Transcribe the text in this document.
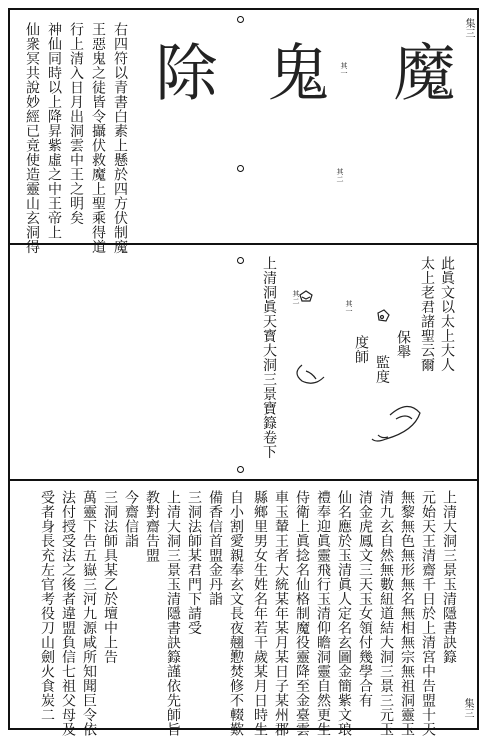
集三
集三
魔
鬼
除	其一
其二
右四符以青書白素上懸於四方伏制魔
王惡鬼之徒皆令攝伏救魔上聖乘得道
行上清入日月出洞雲中王之明矣
神仙同時以上降昇紫虛之中王帝上
仙衆冥共說妙經已竟使造靈山玄洞得
此眞文以太上大人
太上老君諸聖云爾
保舉
監度
度師
上清洞眞天寳大洞三景寶籙卷下	其一
其二
上清大洞三景玉清隱書訣籙
元始天王清齋千日於上清宮中告盟十天
無黎無色無形無名無相無宗無祖洞靈玉
清九玄自然無數紐道結大洞三景三元玉
清金虎鳳文三天玉女領付幾學合有
仙名應於玉清眞人定名玄圖金簡紫文琅
禮奉迎眞靈飛行玉清仰瞻洞靈自然更生
侍衛上眞捻名仙格制魔役靈降至金臺雲
車玉輦王者大統某年某月某日子某州郡
縣鄉里男女生姓名年若干歲某月日時生
自小割愛親奉玄文長夜翹懃焚修不輟歎
備香信首盟金丹詣
三洞法師某君門下請受
上清大洞三景玉清隱書訣籙謹依先師旨
教對齋告盟
今齋信詣
三洞法師具某乙於壇中上告
萬靈下告五嶽三河九源咸所知聞巨令依
法付授受法之後者違盟負信七祖父母及
受者身長充左官考役刀山劍火食炭二
